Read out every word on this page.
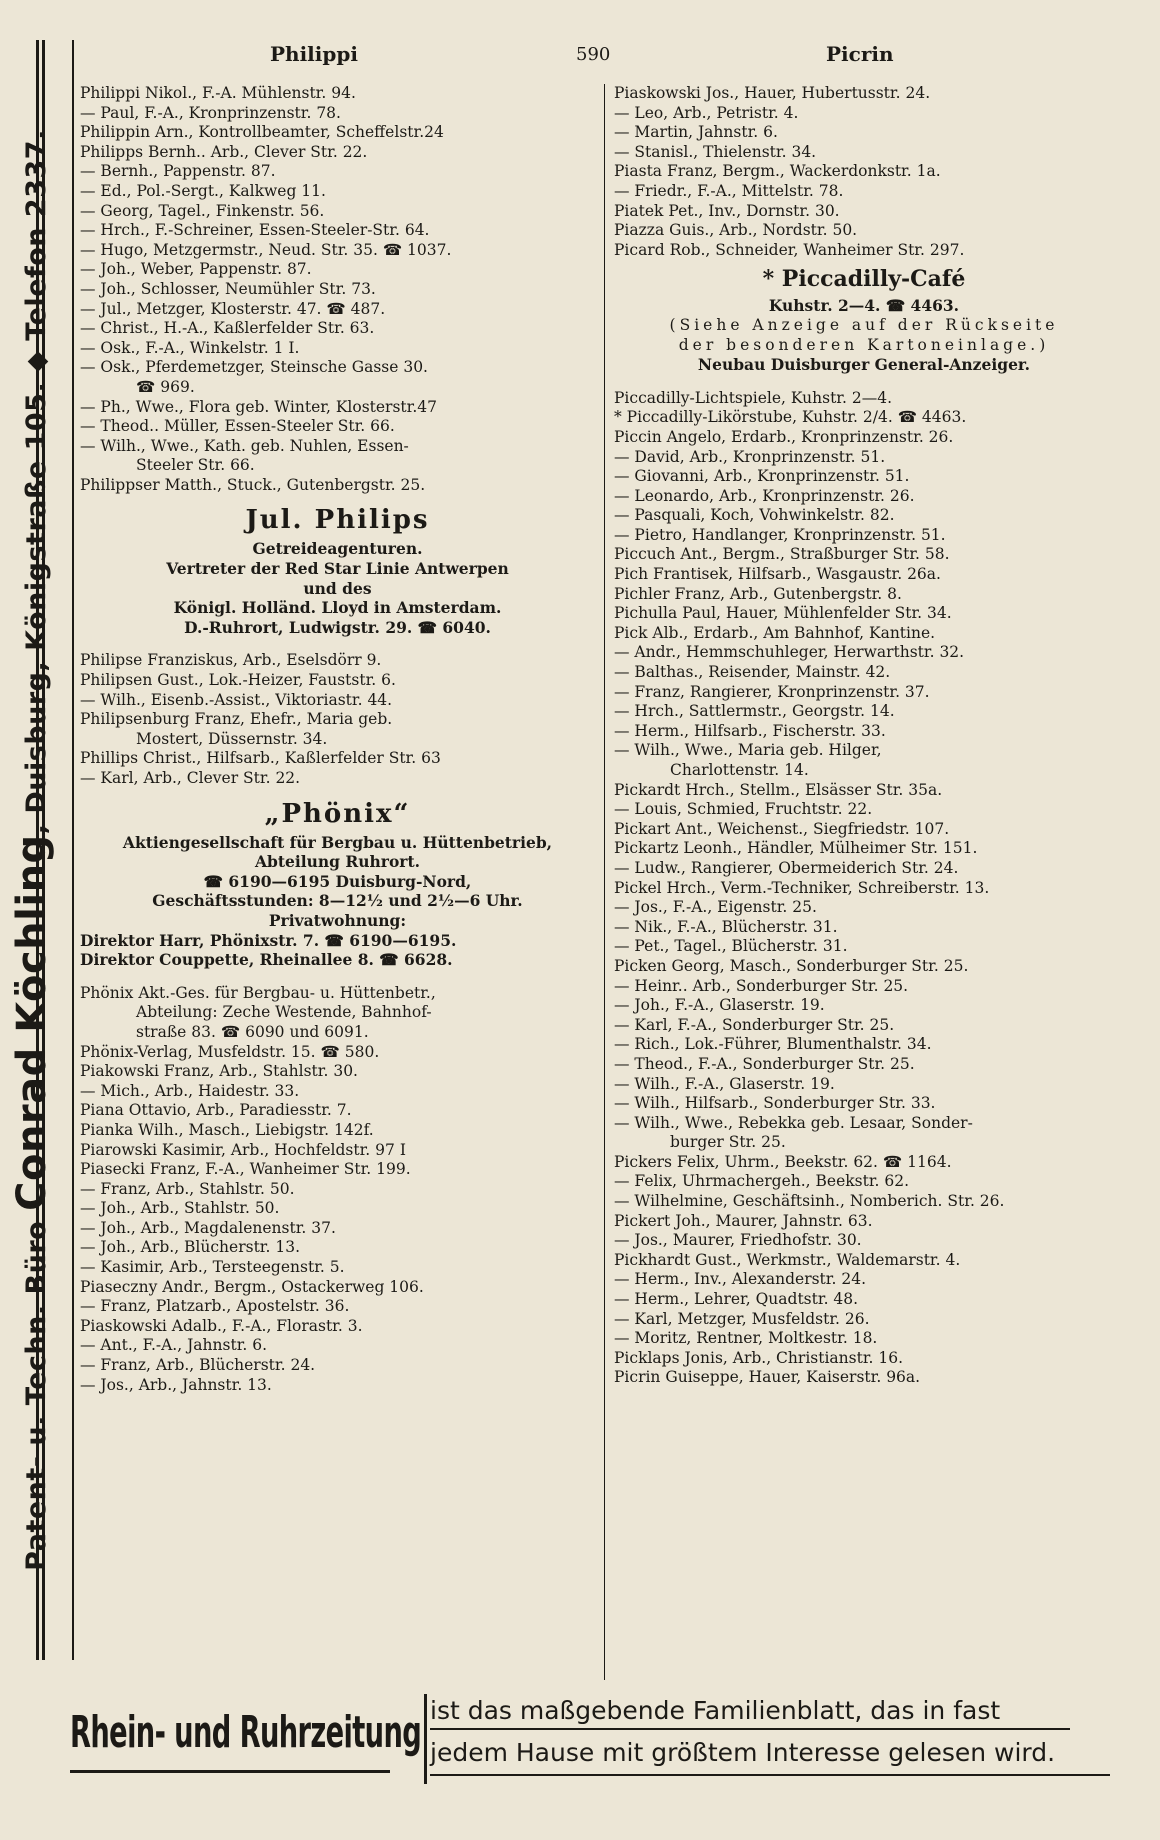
Patent- u. Techn. Büro Conrad Köchling, Duisburg, Königstraße 105. ◆ Telefon 2337.
Philippi	590	Picrin
Philippi Nikol., F.-A. Mühlenstr. 94.
— Paul, F.-A., Kronprinzenstr. 78.
Philippin Arn., Kontrollbeamter, Scheffelstr.24
Philipps Bernh.. Arb., Clever Str. 22.
— Bernh., Pappenstr. 87.
— Ed., Pol.-Sergt., Kalkweg 11.
— Georg, Tagel., Finkenstr. 56.
— Hrch., F.-Schreiner, Essen-Steeler-Str. 64.
— Hugo, Metzgermstr., Neud. Str. 35. ☎ 1037.
— Joh., Weber, Pappenstr. 87.
— Joh., Schlosser, Neumühler Str. 73.
— Jul., Metzger, Klosterstr. 47. ☎ 487.
— Christ., H.-A., Kaßlerfelder Str. 63.
— Osk., F.-A., Winkelstr. 1 I.
— Osk., Pferdemetzger, Steinsche Gasse 30.
☎ 969.
— Ph., Wwe., Flora geb. Winter, Klosterstr.47
— Theod.. Müller, Essen-Steeler Str. 66.
— Wilh., Wwe., Kath. geb. Nuhlen, Essen-
Steeler Str. 66.
Philippser Matth., Stuck., Gutenbergstr. 25.
Jul. Philips
Getreideagenturen.
Vertreter der Red Star Linie Antwerpen
und des
Königl. Holländ. Lloyd in Amsterdam.
D.-Ruhrort, Ludwigstr. 29. ☎ 6040.
Philipse Franziskus, Arb., Eselsdörr 9.
Philipsen Gust., Lok.-Heizer, Fauststr. 6.
— Wilh., Eisenb.-Assist., Viktoriastr. 44.
Philipsenburg Franz, Ehefr., Maria geb.
Mostert, Düssernstr. 34.
Phillips Christ., Hilfsarb., Kaßlerfelder Str. 63
— Karl, Arb., Clever Str. 22.
„Phönix“
Aktiengesellschaft für Bergbau u. Hüttenbetrieb,
Abteilung Ruhrort.
☎ 6190—6195 Duisburg-Nord,
Geschäftsstunden: 8—12½ und 2½—6 Uhr.
Privatwohnung:
Direktor Harr, Phönixstr. 7. ☎ 6190—6195.
Direktor Couppette, Rheinallee 8. ☎ 6628.
Phönix Akt.-Ges. für Bergbau- u. Hüttenbetr.,
Abteilung: Zeche Westende, Bahnhof-
straße 83. ☎ 6090 und 6091.
Phönix-Verlag, Musfeldstr. 15. ☎ 580.
Piakowski Franz, Arb., Stahlstr. 30.
— Mich., Arb., Haidestr. 33.
Piana Ottavio, Arb., Paradiesstr. 7.
Pianka Wilh., Masch., Liebigstr. 142f.
Piarowski Kasimir, Arb., Hochfeldstr. 97 I
Piasecki Franz, F.-A., Wanheimer Str. 199.
— Franz, Arb., Stahlstr. 50.
— Joh., Arb., Stahlstr. 50.
— Joh., Arb., Magdalenenstr. 37.
— Joh., Arb., Blücherstr. 13.
— Kasimir, Arb., Tersteegenstr. 5.
Piaseczny Andr., Bergm., Ostackerweg 106.
— Franz, Platzarb., Apostelstr. 36.
Piaskowski Adalb., F.-A., Florastr. 3.
— Ant., F.-A., Jahnstr. 6.
— Franz, Arb., Blücherstr. 24.
— Jos., Arb., Jahnstr. 13.
Piaskowski Jos., Hauer, Hubertusstr. 24.
— Leo, Arb., Petristr. 4.
— Martin, Jahnstr. 6.
— Stanisl., Thielenstr. 34.
Piasta Franz, Bergm., Wackerdonkstr. 1a.
— Friedr., F.-A., Mittelstr. 78.
Piatek Pet., Inv., Dornstr. 30.
Piazza Guis., Arb., Nordstr. 50.
Picard Rob., Schneider, Wanheimer Str. 297.
* Piccadilly-Café
Kuhstr. 2—4. ☎ 4463.
(Siehe Anzeige auf der Rückseite
der besonderen Kartoneinlage.)
Neubau Duisburger General-Anzeiger.
Piccadilly-Lichtspiele, Kuhstr. 2—4.
* Piccadilly-Likörstube, Kuhstr. 2/4. ☎ 4463.
Piccin Angelo, Erdarb., Kronprinzenstr. 26.
— David, Arb., Kronprinzenstr. 51.
— Giovanni, Arb., Kronprinzenstr. 51.
— Leonardo, Arb., Kronprinzenstr. 26.
— Pasquali, Koch, Vohwinkelstr. 82.
— Pietro, Handlanger, Kronprinzenstr. 51.
Piccuch Ant., Bergm., Straßburger Str. 58.
Pich Frantisek, Hilfsarb., Wasgaustr. 26a.
Pichler Franz, Arb., Gutenbergstr. 8.
Pichulla Paul, Hauer, Mühlenfelder Str. 34.
Pick Alb., Erdarb., Am Bahnhof, Kantine.
— Andr., Hemmschuhleger, Herwarthstr. 32.
— Balthas., Reisender, Mainstr. 42.
— Franz, Rangierer, Kronprinzenstr. 37.
— Hrch., Sattlermstr., Georgstr. 14.
— Herm., Hilfsarb., Fischerstr. 33.
— Wilh., Wwe., Maria geb. Hilger,
Charlottenstr. 14.
Pickardt Hrch., Stellm., Elsässer Str. 35a.
— Louis, Schmied, Fruchtstr. 22.
Pickart Ant., Weichenst., Siegfriedstr. 107.
Pickartz Leonh., Händler, Mülheimer Str. 151.
— Ludw., Rangierer, Obermeiderich Str. 24.
Pickel Hrch., Verm.-Techniker, Schreiberstr. 13.
— Jos., F.-A., Eigenstr. 25.
— Nik., F.-A., Blücherstr. 31.
— Pet., Tagel., Blücherstr. 31.
Picken Georg, Masch., Sonderburger Str. 25.
— Heinr.. Arb., Sonderburger Str. 25.
— Joh., F.-A., Glaserstr. 19.
— Karl, F.-A., Sonderburger Str. 25.
— Rich., Lok.-Führer, Blumenthalstr. 34.
— Theod., F.-A., Sonderburger Str. 25.
— Wilh., F.-A., Glaserstr. 19.
— Wilh., Hilfsarb., Sonderburger Str. 33.
— Wilh., Wwe., Rebekka geb. Lesaar, Sonder-
burger Str. 25.
Pickers Felix, Uhrm., Beekstr. 62. ☎ 1164.
— Felix, Uhrmachergeh., Beekstr. 62.
— Wilhelmine, Geschäftsinh., Nomberich. Str. 26.
Pickert Joh., Maurer, Jahnstr. 63.
— Jos., Maurer, Friedhofstr. 30.
Pickhardt Gust., Werkmstr., Waldemarstr. 4.
— Herm., Inv., Alexanderstr. 24.
— Herm., Lehrer, Quadtstr. 48.
— Karl, Metzger, Musfeldstr. 26.
— Moritz, Rentner, Moltkestr. 18.
Picklaps Jonis, Arb., Christianstr. 16.
Picrin Guiseppe, Hauer, Kaiserstr. 96a.
Rhein- und Ruhrzeitung ist das maßgebende Familienblatt, das in fast
jedem Hause mit größtem Interesse gelesen wird.
